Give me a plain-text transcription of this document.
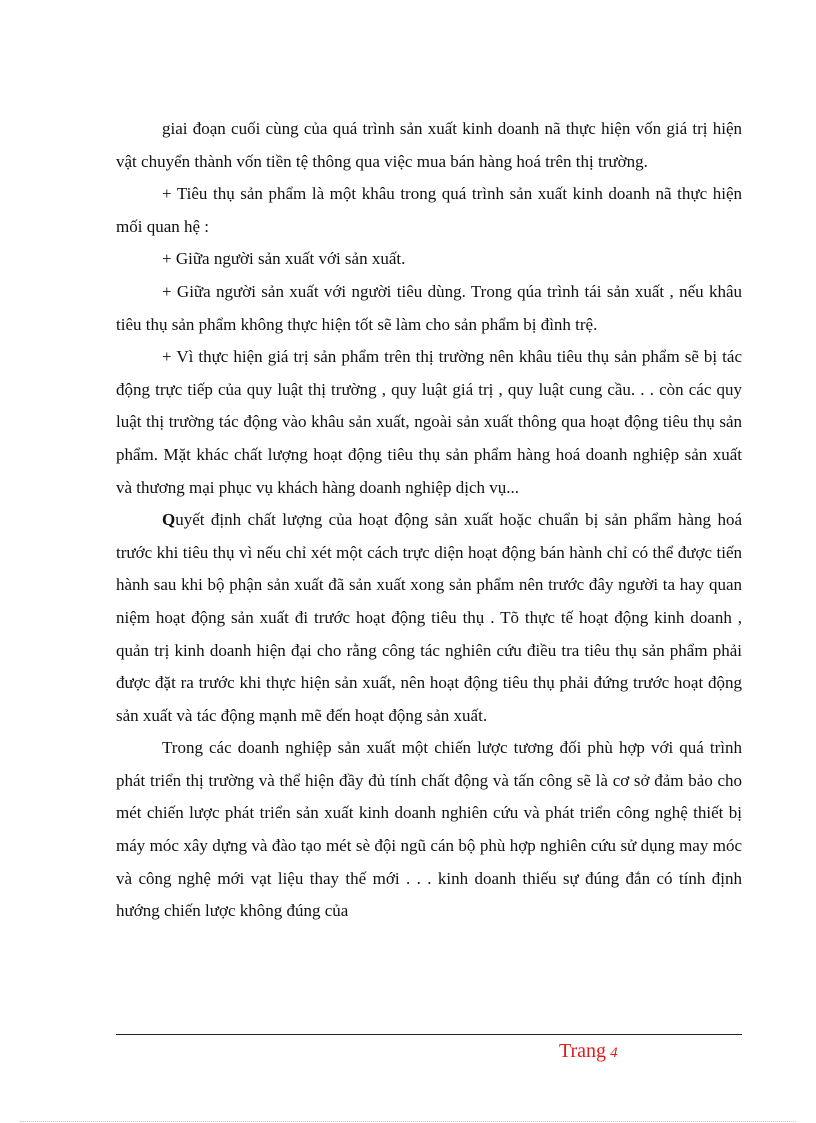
giai đoạn cuối cùng của quá trình sản xuất kinh doanh nã thực hiện vốn giá trị hiện vật chuyển thành vốn tiền tệ thông qua việc mua bán hàng hoá trên thị trường.

+ Tiêu thụ sản phẩm là một khâu trong quá trình sản xuất kinh doanh nã thực hiện mối quan hệ :

+ Giữa người sản xuất với sản xuất.

+ Giữa người sản xuất với người tiêu dùng. Trong qúa trình tái sản xuất , nếu khâu tiêu thụ sản phẩm không thực hiện tốt sẽ làm cho sản phẩm bị đình trệ.

+ Vì thực hiện giá trị sản phẩm trên thị trường nên khâu tiêu thụ sản phẩm sẽ bị tác động trực tiếp của quy luật thị trường , quy luật giá trị , quy luật cung cầu. . . còn các quy luật thị trường tác động vào khâu sản xuất, ngoài sản xuất thông qua hoạt động tiêu thụ sản phẩm. Mặt khác chất lượng hoạt động tiêu thụ sản phẩm hàng hoá doanh nghiệp sản xuất và thương mại phục vụ khách hàng doanh nghiệp dịch vụ...

Quyết định chất lượng của hoạt động sản xuất hoặc chuẩn bị sản phẩm hàng hoá trước khi tiêu thụ vì nếu chỉ xét một cách trực diện hoạt động bán hành chỉ có thể được tiến hành sau khi bộ phận sản xuất đã sản xuất xong sản phẩm nên trước đây người ta hay quan niệm hoạt động sản xuất đi trước hoạt động tiêu thụ . Tõ thực tế hoạt động kinh doanh , quản trị kinh doanh hiện đại cho rằng công tác nghiên cứu điều tra tiêu thụ sản phẩm phải được đặt ra trước khi thực hiện sản xuất, nên hoạt động tiêu thụ phải đứng trước hoạt động sản xuất và tác động mạnh mẽ đến hoạt động sản xuất.

Trong các doanh nghiệp sản xuất một chiến lược tương đối phù hợp với quá trình phát triển thị trường và thể hiện đầy đủ tính chất động và tấn công sẽ là cơ sở đảm bảo cho mét chiến lược phát triển sản xuất kinh doanh nghiên cứu và phát triển công nghệ thiết bị máy móc xây dựng và đào tạo mét sè đội ngũ cán bộ phù hợp nghiên cứu sử dụng may móc và công nghệ mới vạt liệu thay thế mới . . . kinh doanh thiếu sự đúng đắn có tính định hướng chiến lược không đúng của

Trang 4
